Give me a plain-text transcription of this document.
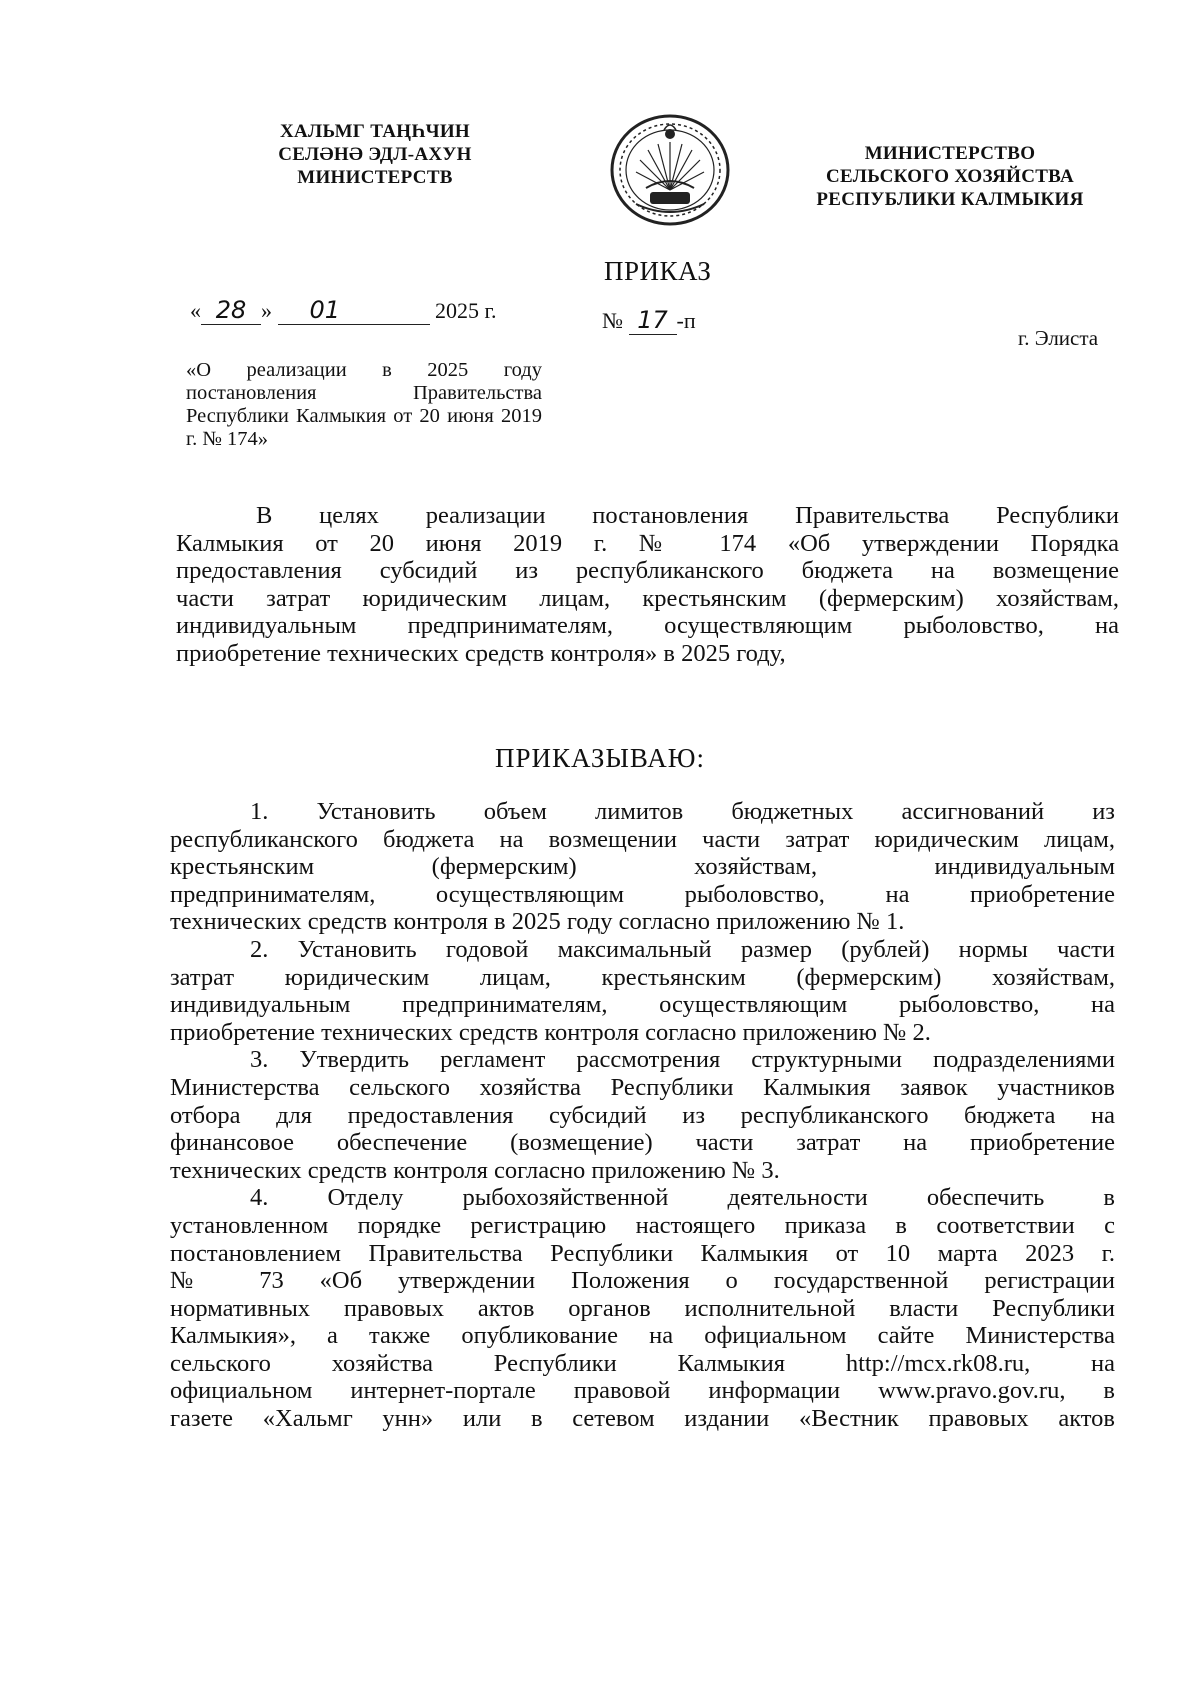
ХАЛЬМГ ТАҢҺЧИН
СЕЛӘНӘ ЭДЛ-АХУН
МИНИСТЕРСТВ
МИНИСТЕРСТВО
СЕЛЬСКОГО ХОЗЯЙСТВА
РЕСПУБЛИКИ КАЛМЫКИЯ
ПРИКАЗ
« 28 » 01	2025 г.	№ 17 -п
г. Элиста
«О реализации в 2025 году постановления Правительства Республики Калмыкия от 20 июня 2019 г. № 174»
В целях реализации постановления Правительства Республики
Калмыкия от 20 июня 2019 г. № 174 «Об утверждении Порядка
предоставления субсидий из республиканского бюджета на возмещение
части затрат юридическим лицам, крестьянским (фермерским) хозяйствам,
индивидуальным предпринимателям, осуществляющим рыболовство, на
приобретение технических средств контроля» в 2025 году,
ПРИКАЗЫВАЮ:
1. Установить объем лимитов бюджетных ассигнований из
республиканского бюджета на возмещении части затрат юридическим лицам,
крестьянским (фермерским) хозяйствам, индивидуальным
предпринимателям, осуществляющим рыболовство, на приобретение
технических средств контроля в 2025 году согласно приложению № 1.
2. Установить годовой максимальный размер (рублей) нормы части
затрат юридическим лицам, крестьянским (фермерским) хозяйствам,
индивидуальным предпринимателям, осуществляющим рыболовство, на
приобретение технических средств контроля согласно приложению № 2.
3. Утвердить регламент рассмотрения структурными подразделениями
Министерства сельского хозяйства Республики Калмыкия заявок участников
отбора для предоставления субсидий из республиканского бюджета на
финансовое обеспечение (возмещение) части затрат на приобретение
технических средств контроля согласно приложению № 3.
4. Отделу рыбохозяйственной деятельности обеспечить в
установленном порядке регистрацию настоящего приказа в соответствии с
постановлением Правительства Республики Калмыкия от 10 марта 2023 г.
№ 73 «Об утверждении Положения о государственной регистрации
нормативных правовых актов органов исполнительной власти Республики
Калмыкия», а также опубликование на официальном сайте Министерства
сельского хозяйства Республики Калмыкия http://mcx.rk08.ru, на
официальном интернет-портале правовой информации www.pravo.gov.ru, в
газете «Хальмг унн» или в сетевом издании «Вестник правовых актов
